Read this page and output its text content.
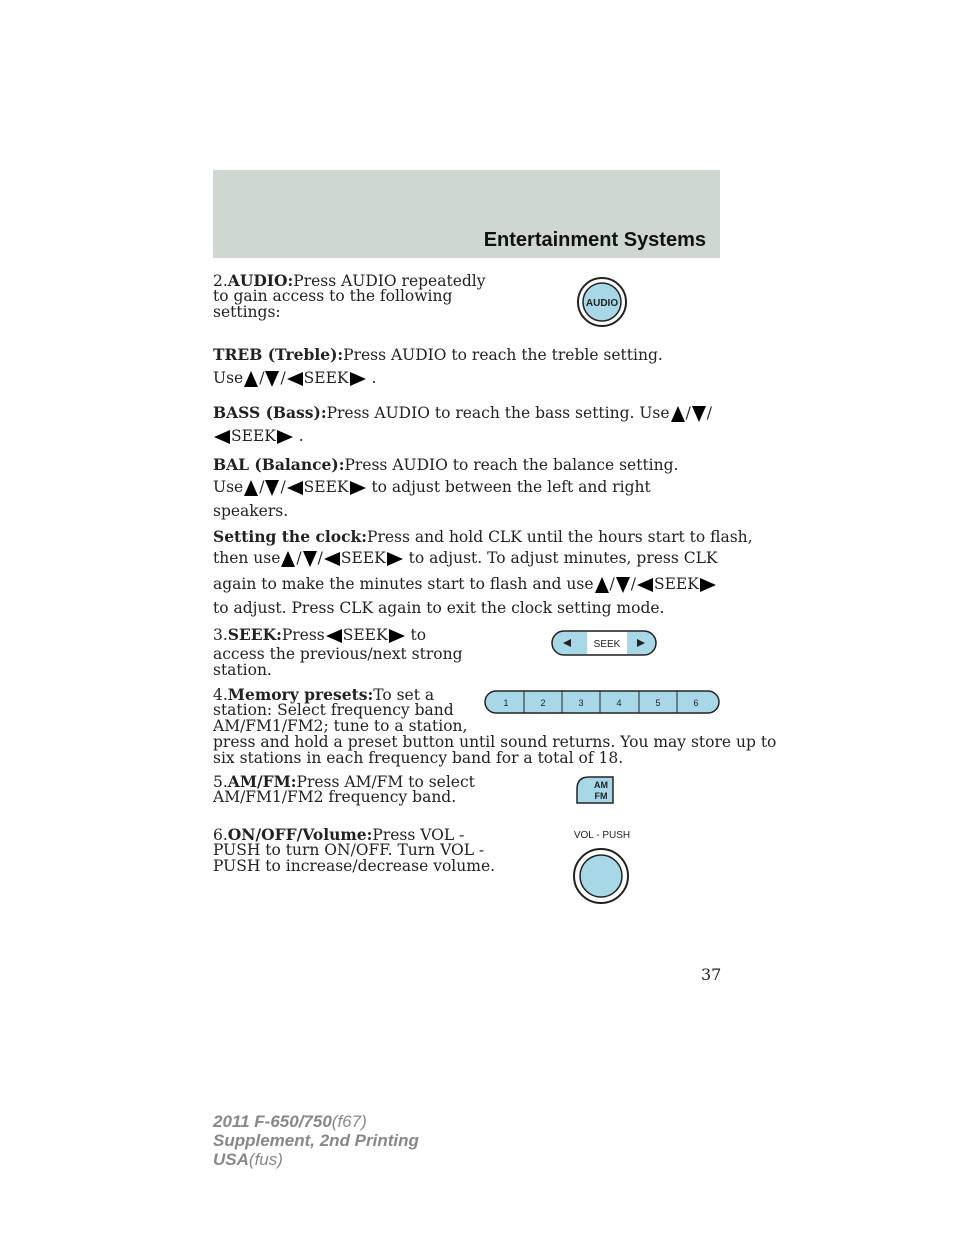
Entertainment Systems
2.AUDIO:Press AUDIO repeatedly
to gain access to the following
settings:	AUDIO
TREB (Treble):Press AUDIO to reach the treble setting.
Use / / SEEK .
BASS (Bass):Press AUDIO to reach the bass setting. Use / /
SEEK .
BAL (Balance):Press AUDIO to reach the balance setting.
Use / / SEEK to adjust between the left and right
speakers.
Setting the clock:Press and hold CLK until the hours start to flash,
then use / / SEEK to adjust. To adjust minutes, press CLK
again to make the minutes start to flash and use / / SEEK
to adjust. Press CLK again to exit the clock setting mode.
3.SEEK:Press SEEK to
access the previous/next strong
station.
SEEK
4.Memory presets:To set a
station: Select frequency band
AM/FM1/FM2; tune to a station,
press and hold a preset button until sound returns. You may store up to
six stations in each frequency band for a total of 18.
1	2	3	4	5	6
5.AM/FM:Press AM/FM to select
AM/FM1/FM2 frequency band.
AM
FM
6.ON/OFF/Volume:Press VOL -
PUSH to turn ON/OFF. Turn VOL -
PUSH to increase/decrease volume.
VOL - PUSH
37
2011 F-650/750(f67)
Supplement, 2nd Printing
USA(fus)
